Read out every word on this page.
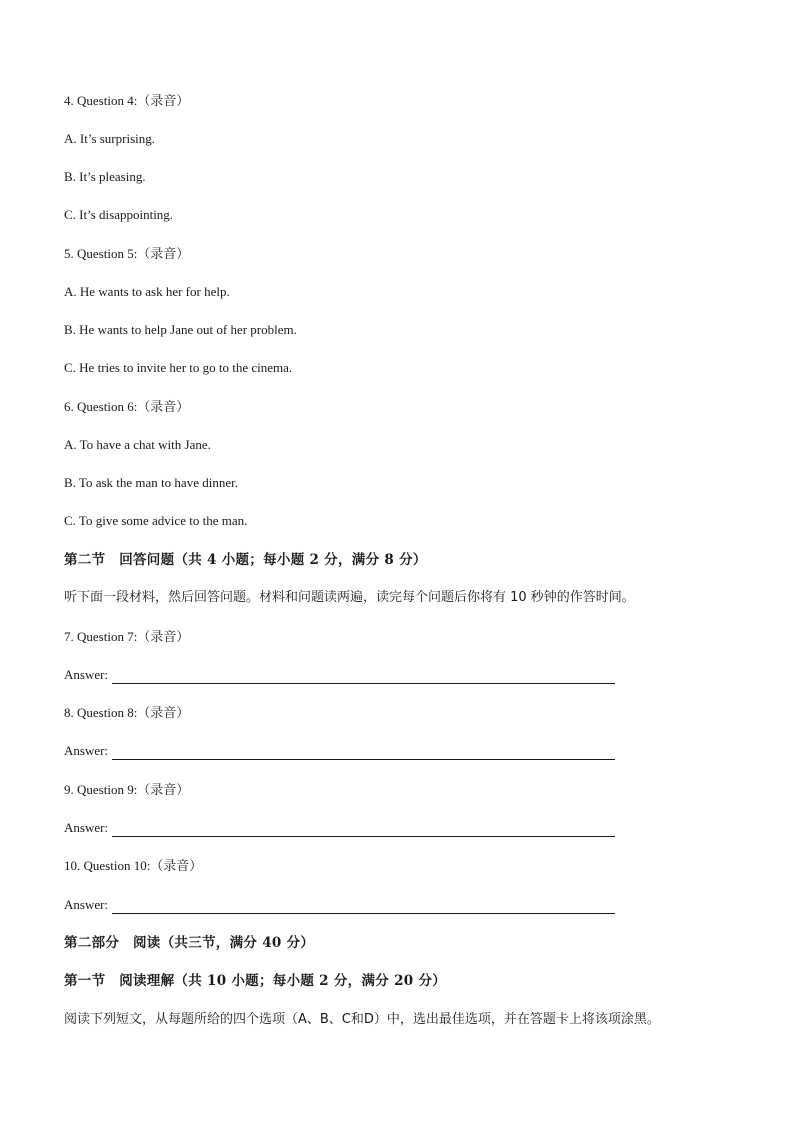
4. Question 4:（录音）
A. It’s surprising.
B. It’s pleasing.
C. It’s disappointing.
5. Question 5:（录音）
A. He wants to ask her for help.
B. He wants to help Jane out of her problem.
C. He tries to invite her to go to the cinema.
6. Question 6:（录音）
A. To have a chat with Jane.
B. To ask the man to have dinner.
C. To give some advice to the man.
第二节　回答问题（共 4 小题；每小题 2 分，满分 8 分）
听下面一段材料，然后回答问题。材料和问题读两遍，读完每个问题后你将有 10 秒钟的作答时间。
7. Question 7:（录音）
Answer:
8. Question 8:（录音）
Answer:
9. Question 9:（录音）
Answer:
10. Question 10:（录音）
Answer:
第二部分　阅读（共三节，满分 40 分）
第一节　阅读理解（共 10 小题；每小题 2 分，满分 20 分）
阅读下列短文，从每题所给的四个选项（A、B、C和D）中，选出最佳选项，并在答题卡上将该项涂黑。
